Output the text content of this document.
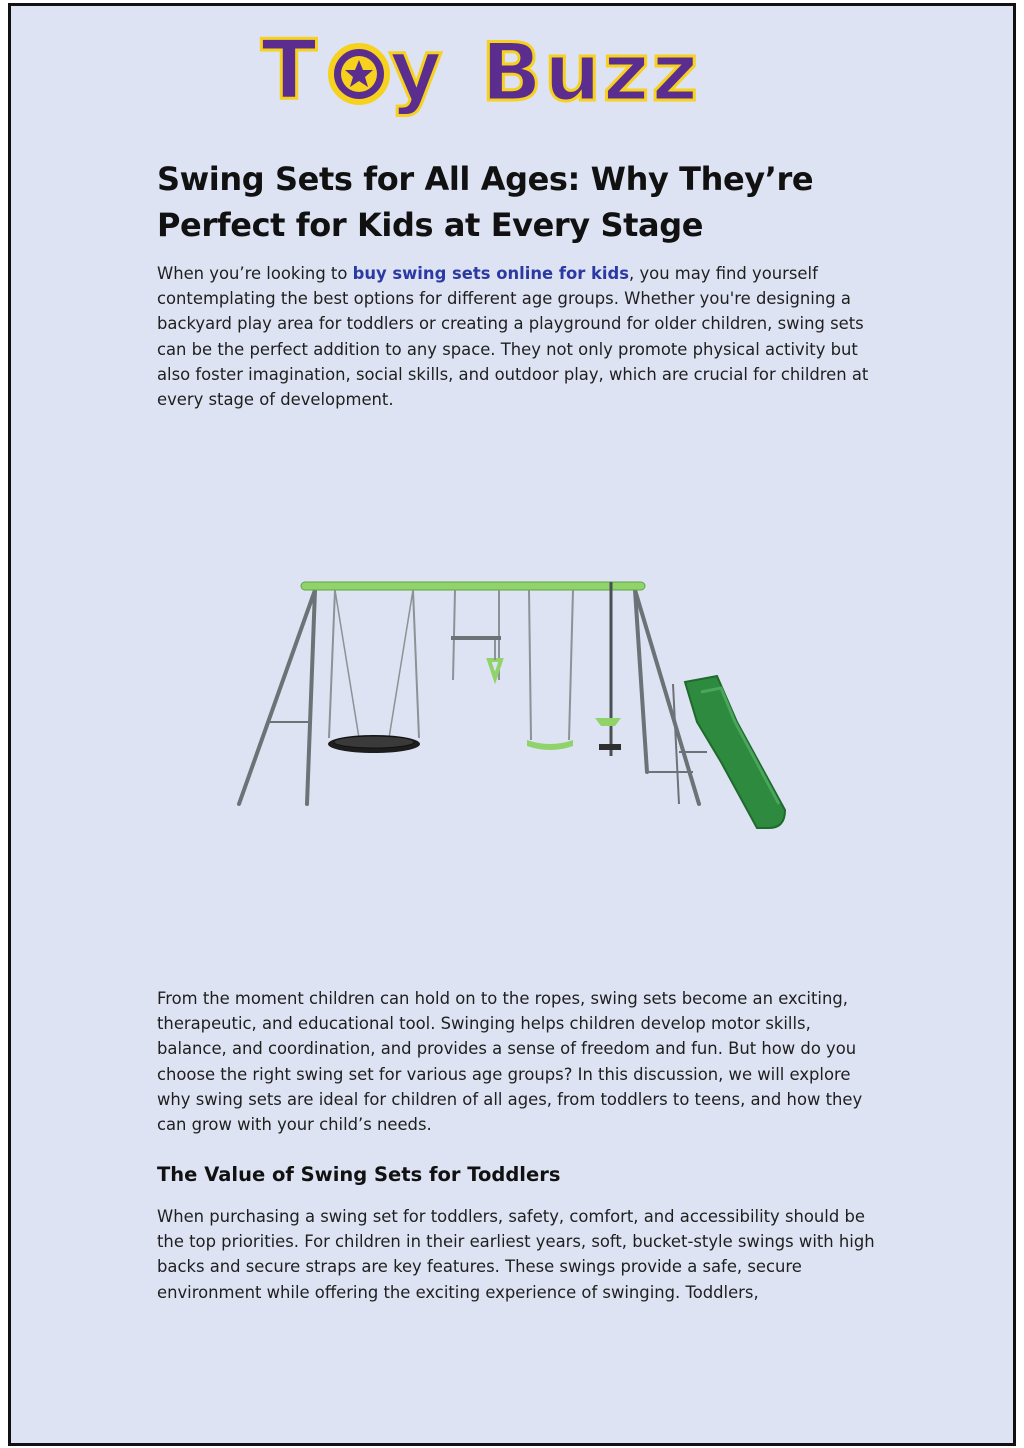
T y Buzz
Swing Sets for All Ages: Why They’re Perfect for Kids at Every Stage

When you’re looking to buy swing sets online for kids, you may find yourself contemplating the best options for different age groups. Whether you're designing a backyard play area for toddlers or creating a playground for older children, swing sets can be the perfect addition to any space. They not only promote physical activity but also foster imagination, social skills, and outdoor play, which are crucial for children at every stage of development.

From the moment children can hold on to the ropes, swing sets become an exciting, therapeutic, and educational tool. Swinging helps children develop motor skills, balance, and coordination, and provides a sense of freedom and fun. But how do you choose the right swing set for various age groups? In this discussion, we will explore why swing sets are ideal for children of all ages, from toddlers to teens, and how they can grow with your child’s needs.

The Value of Swing Sets for Toddlers

When purchasing a swing set for toddlers, safety, comfort, and accessibility should be the top priorities. For children in their earliest years, soft, bucket-style swings with high backs and secure straps are key features. These swings provide a safe, secure environment while offering the exciting experience of swinging. Toddlers,
